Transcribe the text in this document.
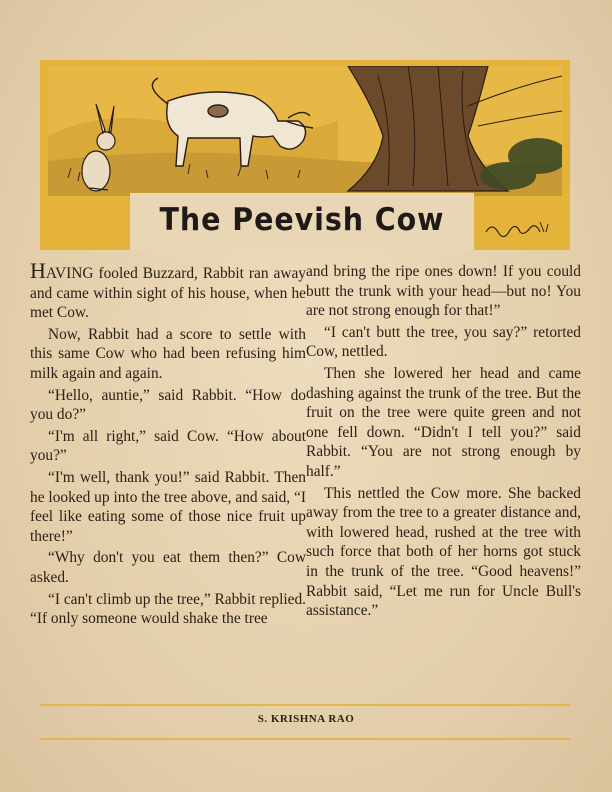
The Peevish Cow

HAVING fooled Buzzard, Rabbit ran away and came within sight of his house, when he met Cow.

Now, Rabbit had a score to settle with this same Cow who had been refusing him milk again and again.

“Hello, auntie,” said Rabbit. “How do you do?”

“I'm all right,” said Cow. “How about you?”

“I'm well, thank you!” said Rabbit. Then he looked up into the tree above, and said, “I feel like eating some of those nice fruit up there!”

“Why don't you eat them then?” Cow asked.

“I can't climb up the tree,” Rabbit replied. “If only someone would shake the tree

and bring the ripe ones down! If you could butt the trunk with your head—but no! You are not strong enough for that!”

“I can't butt the tree, you say?” retorted Cow, nettled.

Then she lowered her head and came dashing against the trunk of the tree. But the fruit on the tree were quite green and not one fell down. “Didn't I tell you?” said Rabbit. “You are not strong enough by half.”

This nettled the Cow more. She backed away from the tree to a greater distance and, with lowered head, rushed at the tree with such force that both of her horns got stuck in the trunk of the tree. “Good heavens!” Rabbit said, “Let me run for Uncle Bull's assistance.”

S. KRISHNA RAO
